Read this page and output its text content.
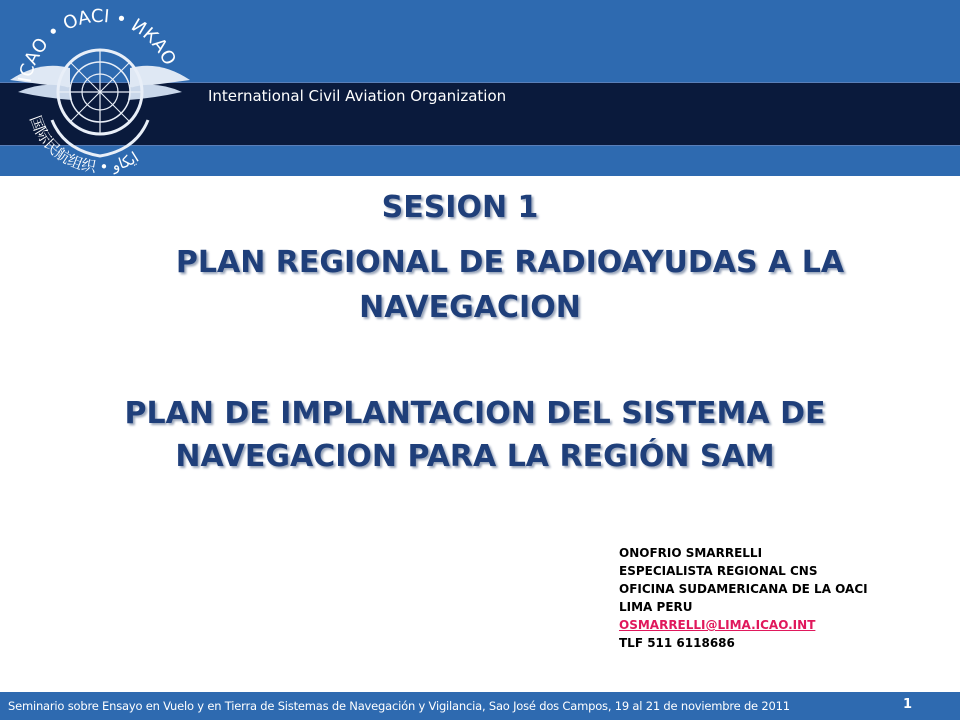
ICAO • OACI • ИКАО
国际民航组织 • ايكاو
International Civil Aviation Organization
SESION 1
PLAN REGIONAL DE RADIOAYUDAS A LA
NAVEGACION
PLAN DE IMPLANTACION DEL SISTEMA DE
NAVEGACION PARA LA REGIÓN SAM
ONOFRIO SMARRELLI
ESPECIALISTA REGIONAL CNS
OFICINA SUDAMERICANA DE LA OACI
LIMA PERU
OSMARRELLI@LIMA.ICAO.INT
TLF 511 6118686
Seminario sobre Ensayo en Vuelo y en Tierra de Sistemas de Navegación y Vigilancia, Sao José dos Campos, 19 al 21 de noviembre de 2011	1
